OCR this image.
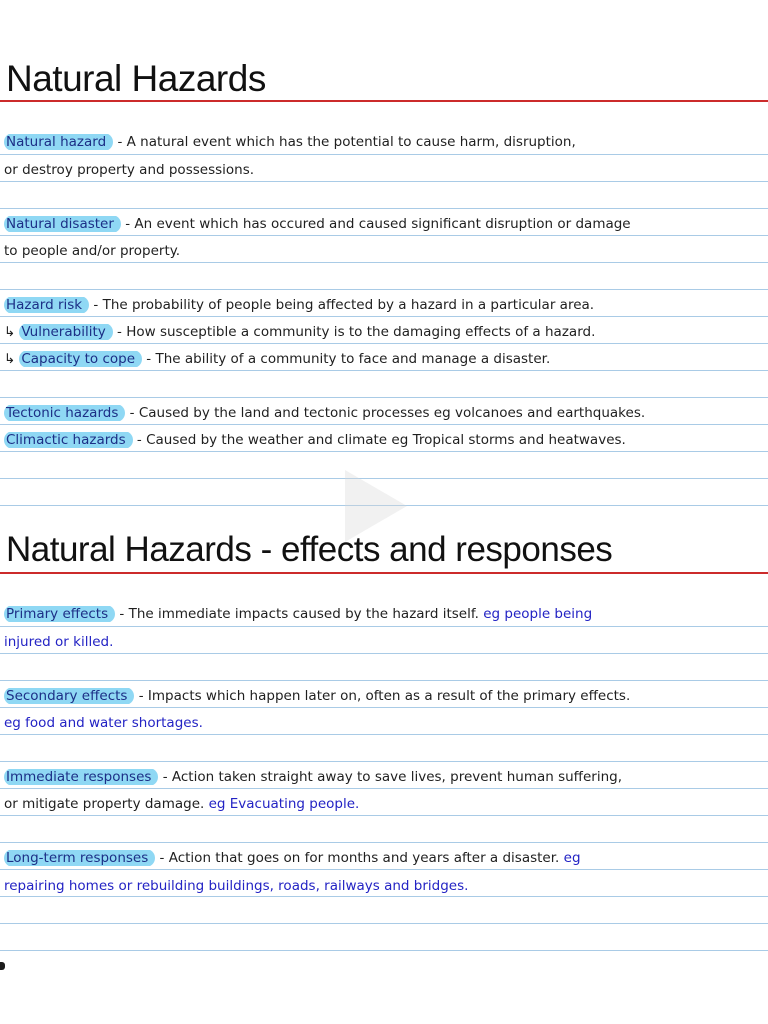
Natural Hazards
Natural hazard - A natural event which has the potential to cause harm, disruption,
or destroy property and possessions.
Natural disaster - An event which has occured and caused significant disruption or damage
to people and/or property.
Hazard risk - The probability of people being affected by a hazard in a particular area.
↳ Vulnerability - How susceptible a community is to the damaging effects of a hazard.
↳ Capacity to cope - The ability of a community to face and manage a disaster.
Tectonic hazards - Caused by the land and tectonic processes eg volcanoes and earthquakes.
Climactic hazards - Caused by the weather and climate eg Tropical storms and heatwaves.
Natural Hazards - effects and responses
Primary effects - The immediate impacts caused by the hazard itself. eg people being
injured or killed.
Secondary effects - Impacts which happen later on, often as a result of the primary effects.
eg food and water shortages.
Immediate responses - Action taken straight away to save lives, prevent human suffering,
or mitigate property damage. eg Evacuating people.
Long-term responses - Action that goes on for months and years after a disaster. eg
repairing homes or rebuilding buildings, roads, railways and bridges.
